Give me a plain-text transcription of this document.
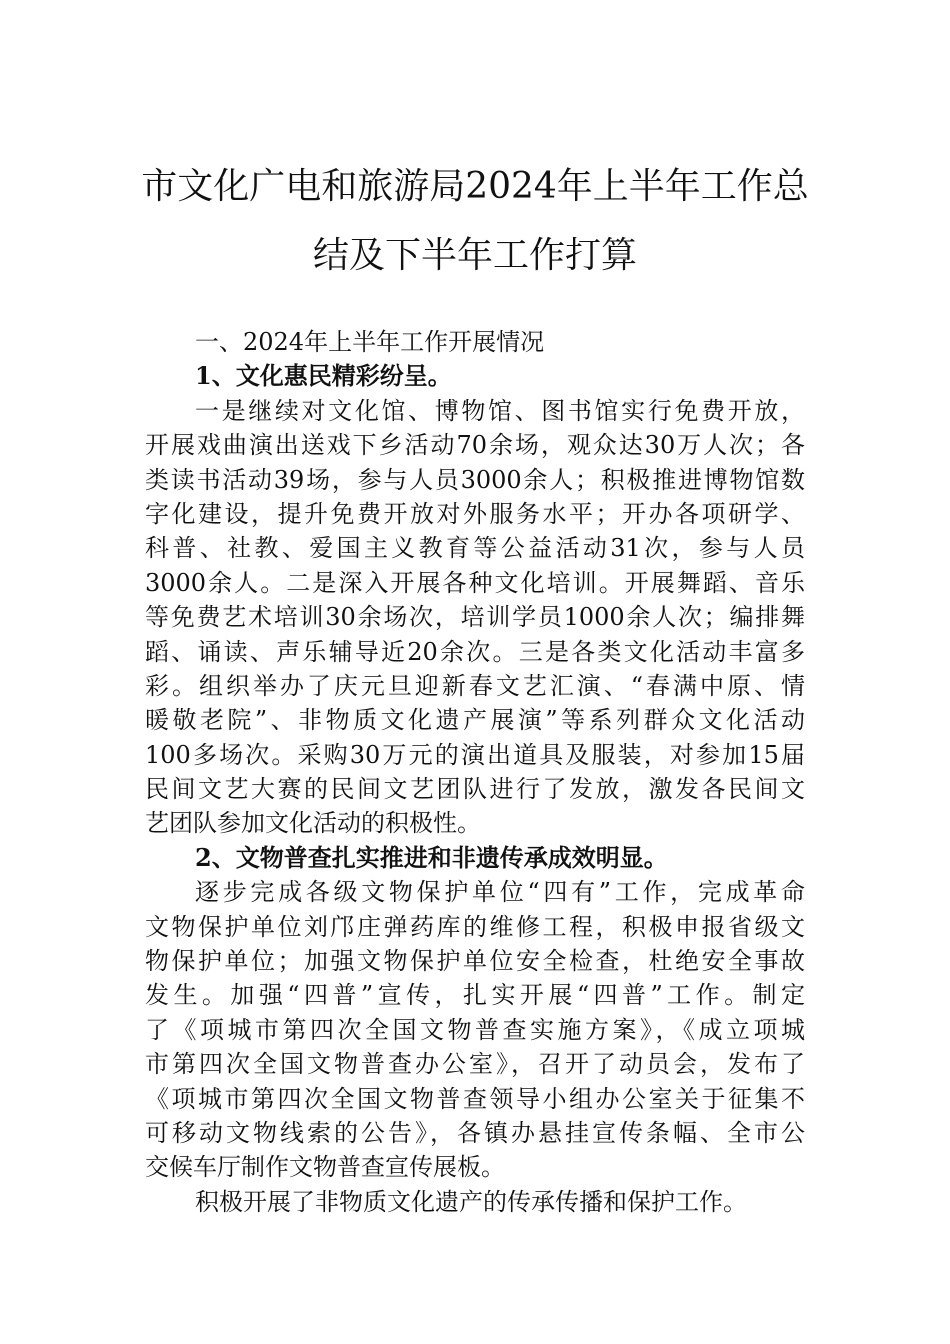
市文化广电和旅游局2024年上半年工作总
结及下半年工作打算
一、2024年上半年工作开展情况
1、文化惠民精彩纷呈。
一是继续对文化馆、博物馆、图书馆实行免费开放，
开展戏曲演出送戏下乡活动70余场，观众达30万人次；各
类读书活动39场，参与人员3000余人；积极推进博物馆数
字化建设，提升免费开放对外服务水平；开办各项研学、
科普、社教、爱国主义教育等公益活动31次，参与人员
3000余人。二是深入开展各种文化培训。开展舞蹈、音乐
等免费艺术培训30余场次，培训学员1000余人次；编排舞
蹈、诵读、声乐辅导近20余次。三是各类文化活动丰富多
彩。组织举办了庆元旦迎新春文艺汇演、“春满中原、情
暖敬老院”、非物质文化遗产展演”等系列群众文化活动
100多场次。采购30万元的演出道具及服装，对参加15届
民间文艺大赛的民间文艺团队进行了发放，激发各民间文
艺团队参加文化活动的积极性。
2、文物普查扎实推进和非遗传承成效明显。
逐步完成各级文物保护单位“四有”工作，完成革命
文物保护单位刘邝庄弹药库的维修工程，积极申报省级文
物保护单位；加强文物保护单位安全检查，杜绝安全事故
发生。加强“四普”宣传，扎实开展“四普”工作。制定
了《项城市第四次全国文物普查实施方案》，《成立项城
市第四次全国文物普查办公室》，召开了动员会，发布了
《项城市第四次全国文物普查领导小组办公室关于征集不
可移动文物线索的公告》，各镇办悬挂宣传条幅、全市公
交候车厅制作文物普查宣传展板。
积极开展了非物质文化遗产的传承传播和保护工作。
